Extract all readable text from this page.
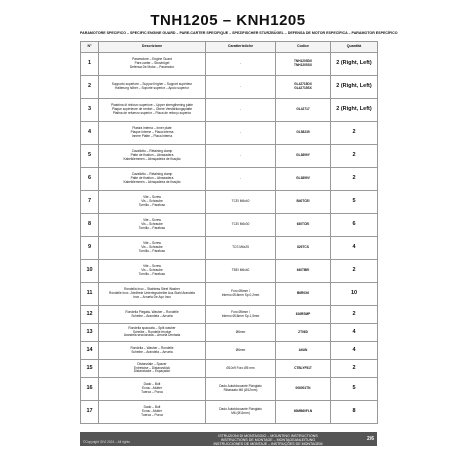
TNH1205 – KNH1205
PARAMOTORE SPECIFICO – SPECIFIC ENGINE GUARD – PARE-CARTER SPECIFIQUE – SPEZIFISCHER STURZBÜGEL – DEFENSA DE MOTOR ESPECÍFICA – PARAMOTOR ESPECÍFICO
N°	Descrizione	Caratteristiche	Codice	Quantità
1	Paramotore – Engine Guard
Pare-carter – Sturzbügel
Defensa De Motor – Paramotor	-	TNH1205DX
TNH1205SX	2 (Right, Left)
2	Supporto superiore – Support higher – Support supérieur
Halterung höher – Soporte superior – Apoio superior	-	GL42715DX
GL42715SX	2 (Right, Left)
3	Piastrina di rinforzo superiore – Upper strengthening plate
Plaque supérieure de renfort – Obere Verstärkungsplatte
Platina de refuerzo superior – Placa de reforço superior	-	GL42717	2 (Right, Left)
4	Piastra interna – Inner plate
Plaque interne – Placa interna
Innere Platte – Placa interna	-	GL58239	2
5	Cavallotto – Retaining clamp
Patte de fixation – Abrazadera
Kabelklemmen – Abraçadeira de fixação	-	GL3899Y	2
6	Cavallotto – Retaining clamp
Patte de fixation – Abrazadera
Kabelklemmen – Abraçadeira de fixação	-	GL3899V	2
7	Vite – Screw
Vis – Schraube
Tornillo – Parafuso	TCEI M6x40	B40TCEI	5
8	Vite – Screw
Vis – Schraube
Tornillo – Parafuso	TCEI M6x30	630TCEI	6
9	Vite – Screw
Vis – Schraube
Tornillo – Parafuso	TCS M6x25	825TCS	4
10	Vite – Screw
Vis – Schraube
Tornillo – Parafuso	TBEI M6x40	640TBEI	2
11	Rondella Inox – Stainless Steel Washer
Rondelle Inox –Nedfreie Unterlegscheibe Aus Stahl Arandela
Inox – Arruela De Aço Inox	Foro Ø6mm /
Interno Ø16mm Sp.0,2mm	B6R0X6	10
12	Rondella Piegata- Washer – Rondelle
Scheibe – Arandela – Arruela	Foro Ø6mm /
Interno Ø16mm Sp.1,5mm	616RSMP	2
13	Rondella spaccata – Split washer
Scheibe – Rondelle fendue
Arandela seccionada – Arruela Dentada	Ø6mm	ZT06D	4
14	Rondella – Washer – Rondelle
Scheibe – Arandela – Arruela	Ø6mm	A6UN	4
15	Distanziale – Spacer
Entretoise – Distanzstück
Distanciador – Espaçador	Ø10x9 Foro Ø5 mm	CTBLYF51T	2
16	Dado – Bolt
Ecrou –Mutter
Tuerca – Porca	Dado Autobloccante Flangiato
Ribassato M6 (Ø12mm)	006001TN	5
17	Dado – Bolt
Ecrou –Mutter
Tuerca – Porca	Dado Autobloccante Flangiato
M6 (Ø11mm)	60MB60FLN	8
ISTRUZIONI DI MONTAGGIO – MOUNTING INSTRUCTIONS
INSTRUCTIONS DE MONTAGE – MONTAGEANLEITUNG
INSTRUCCIONES DE MONTAJE – INSTRUÇÕES DE MONTAGEM
©Copyright GIVI 2024 – All rights	2/6
